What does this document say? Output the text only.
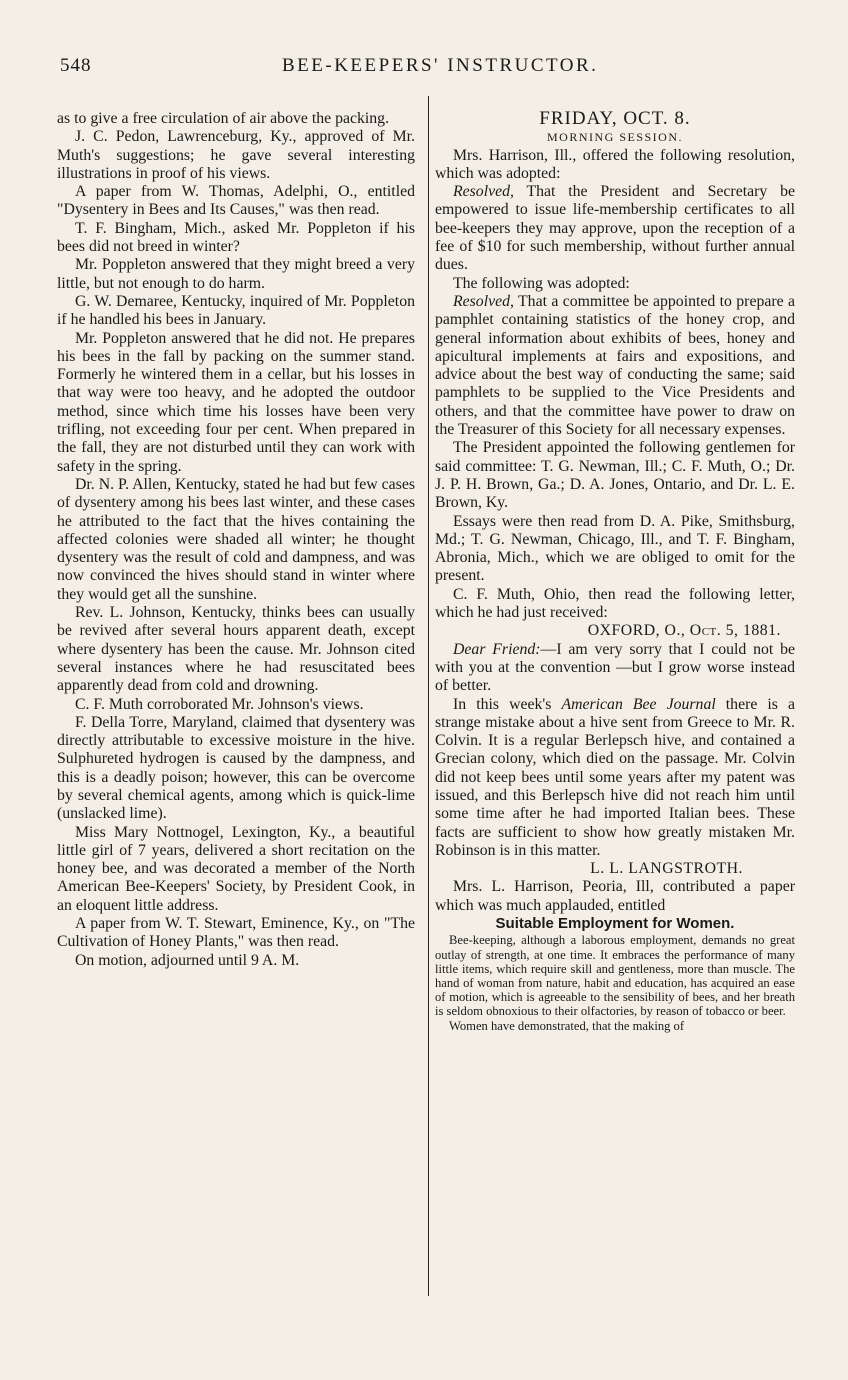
548	BEE-KEEPERS' INSTRUCTOR.

as to give a free circulation of air above the packing.

J. C. Pedon, Lawrenceburg, Ky., approved of Mr. Muth's suggestions; he gave several interesting illustrations in proof of his views.

A paper from W. Thomas, Adelphi, O., entitled "Dysentery in Bees and Its Causes," was then read.

T. F. Bingham, Mich., asked Mr. Poppleton if his bees did not breed in winter?

Mr. Poppleton answered that they might breed a very little, but not enough to do harm.

G. W. Demaree, Kentucky, inquired of Mr. Poppleton if he handled his bees in January.

Mr. Poppleton answered that he did not. He prepares his bees in the fall by packing on the summer stand. Formerly he wintered them in a cellar, but his losses in that way were too heavy, and he adopted the outdoor method, since which time his losses have been very trifling, not exceeding four per cent. When prepared in the fall, they are not disturbed until they can work with safety in the spring.

Dr. N. P. Allen, Kentucky, stated he had but few cases of dysentery among his bees last winter, and these cases he attributed to the fact that the hives containing the affected colonies were shaded all winter; he thought dysentery was the result of cold and dampness, and was now convinced the hives should stand in winter where they would get all the sunshine.

Rev. L. Johnson, Kentucky, thinks bees can usually be revived after several hours apparent death, except where dysentery has been the cause. Mr. Johnson cited several instances where he had resuscitated bees apparently dead from cold and drowning.

C. F. Muth corroborated Mr. Johnson's views.

F. Della Torre, Maryland, claimed that dysentery was directly attributable to excessive moisture in the hive. Sulphureted hydrogen is caused by the dampness, and this is a deadly poison; however, this can be overcome by several chemical agents, among which is quick-lime (unslacked lime).

Miss Mary Nottnogel, Lexington, Ky., a beautiful little girl of 7 years, delivered a short recitation on the honey bee, and was decorated a member of the North American Bee-Keepers' Society, by President Cook, in an eloquent little address.

A paper from W. T. Stewart, Eminence, Ky., on "The Cultivation of Honey Plants," was then read.

On motion, adjourned until 9 A. M.

FRIDAY, OCT. 8.

MORNING SESSION.

Mrs. Harrison, Ill., offered the following resolution, which was adopted:

Resolved, That the President and Secretary be empowered to issue life-membership certificates to all bee-keepers they may approve, upon the reception of a fee of $10 for such membership, without further annual dues.

The following was adopted:

Resolved, That a committee be appointed to prepare a pamphlet containing statistics of the honey crop, and general information about exhibits of bees, honey and apicultural implements at fairs and expositions, and advice about the best way of conducting the same; said pamphlets to be supplied to the Vice Presidents and others, and that the committee have power to draw on the Treasurer of this Society for all necessary expenses.

The President appointed the following gentlemen for said committee: T. G. Newman, Ill.; C. F. Muth, O.; Dr. J. P. H. Brown, Ga.; D. A. Jones, Ontario, and Dr. L. E. Brown, Ky.

Essays were then read from D. A. Pike, Smithsburg, Md.; T. G. Newman, Chicago, Ill., and T. F. Bingham, Abronia, Mich., which we are obliged to omit for the present.

C. F. Muth, Ohio, then read the following letter, which he had just received:

OXFORD, O., Oct. 5, 1881.

Dear Friend:—I am very sorry that I could not be with you at the convention —but I grow worse instead of better.

In this week's American Bee Journal there is a strange mistake about a hive sent from Greece to Mr. R. Colvin. It is a regular Berlepsch hive, and contained a Grecian colony, which died on the passage. Mr. Colvin did not keep bees until some years after my patent was issued, and this Berlepsch hive did not reach him until some time after he had imported Italian bees. These facts are sufficient to show how greatly mistaken Mr. Robinson is in this matter.

L. L. LANGSTROTH.

Mrs. L. Harrison, Peoria, Ill, contributed a paper which was much applauded, entitled

Suitable Employment for Women.

Bee-keeping, although a laborous employment, demands no great outlay of strength, at one time. It embraces the performance of many little items, which require skill and gentleness, more than muscle. The hand of woman from nature, habit and education, has acquired an ease of motion, which is agreeable to the sensibility of bees, and her breath is seldom obnoxious to their olfactories, by reason of tobacco or beer.

Women have demonstrated, that the making of
